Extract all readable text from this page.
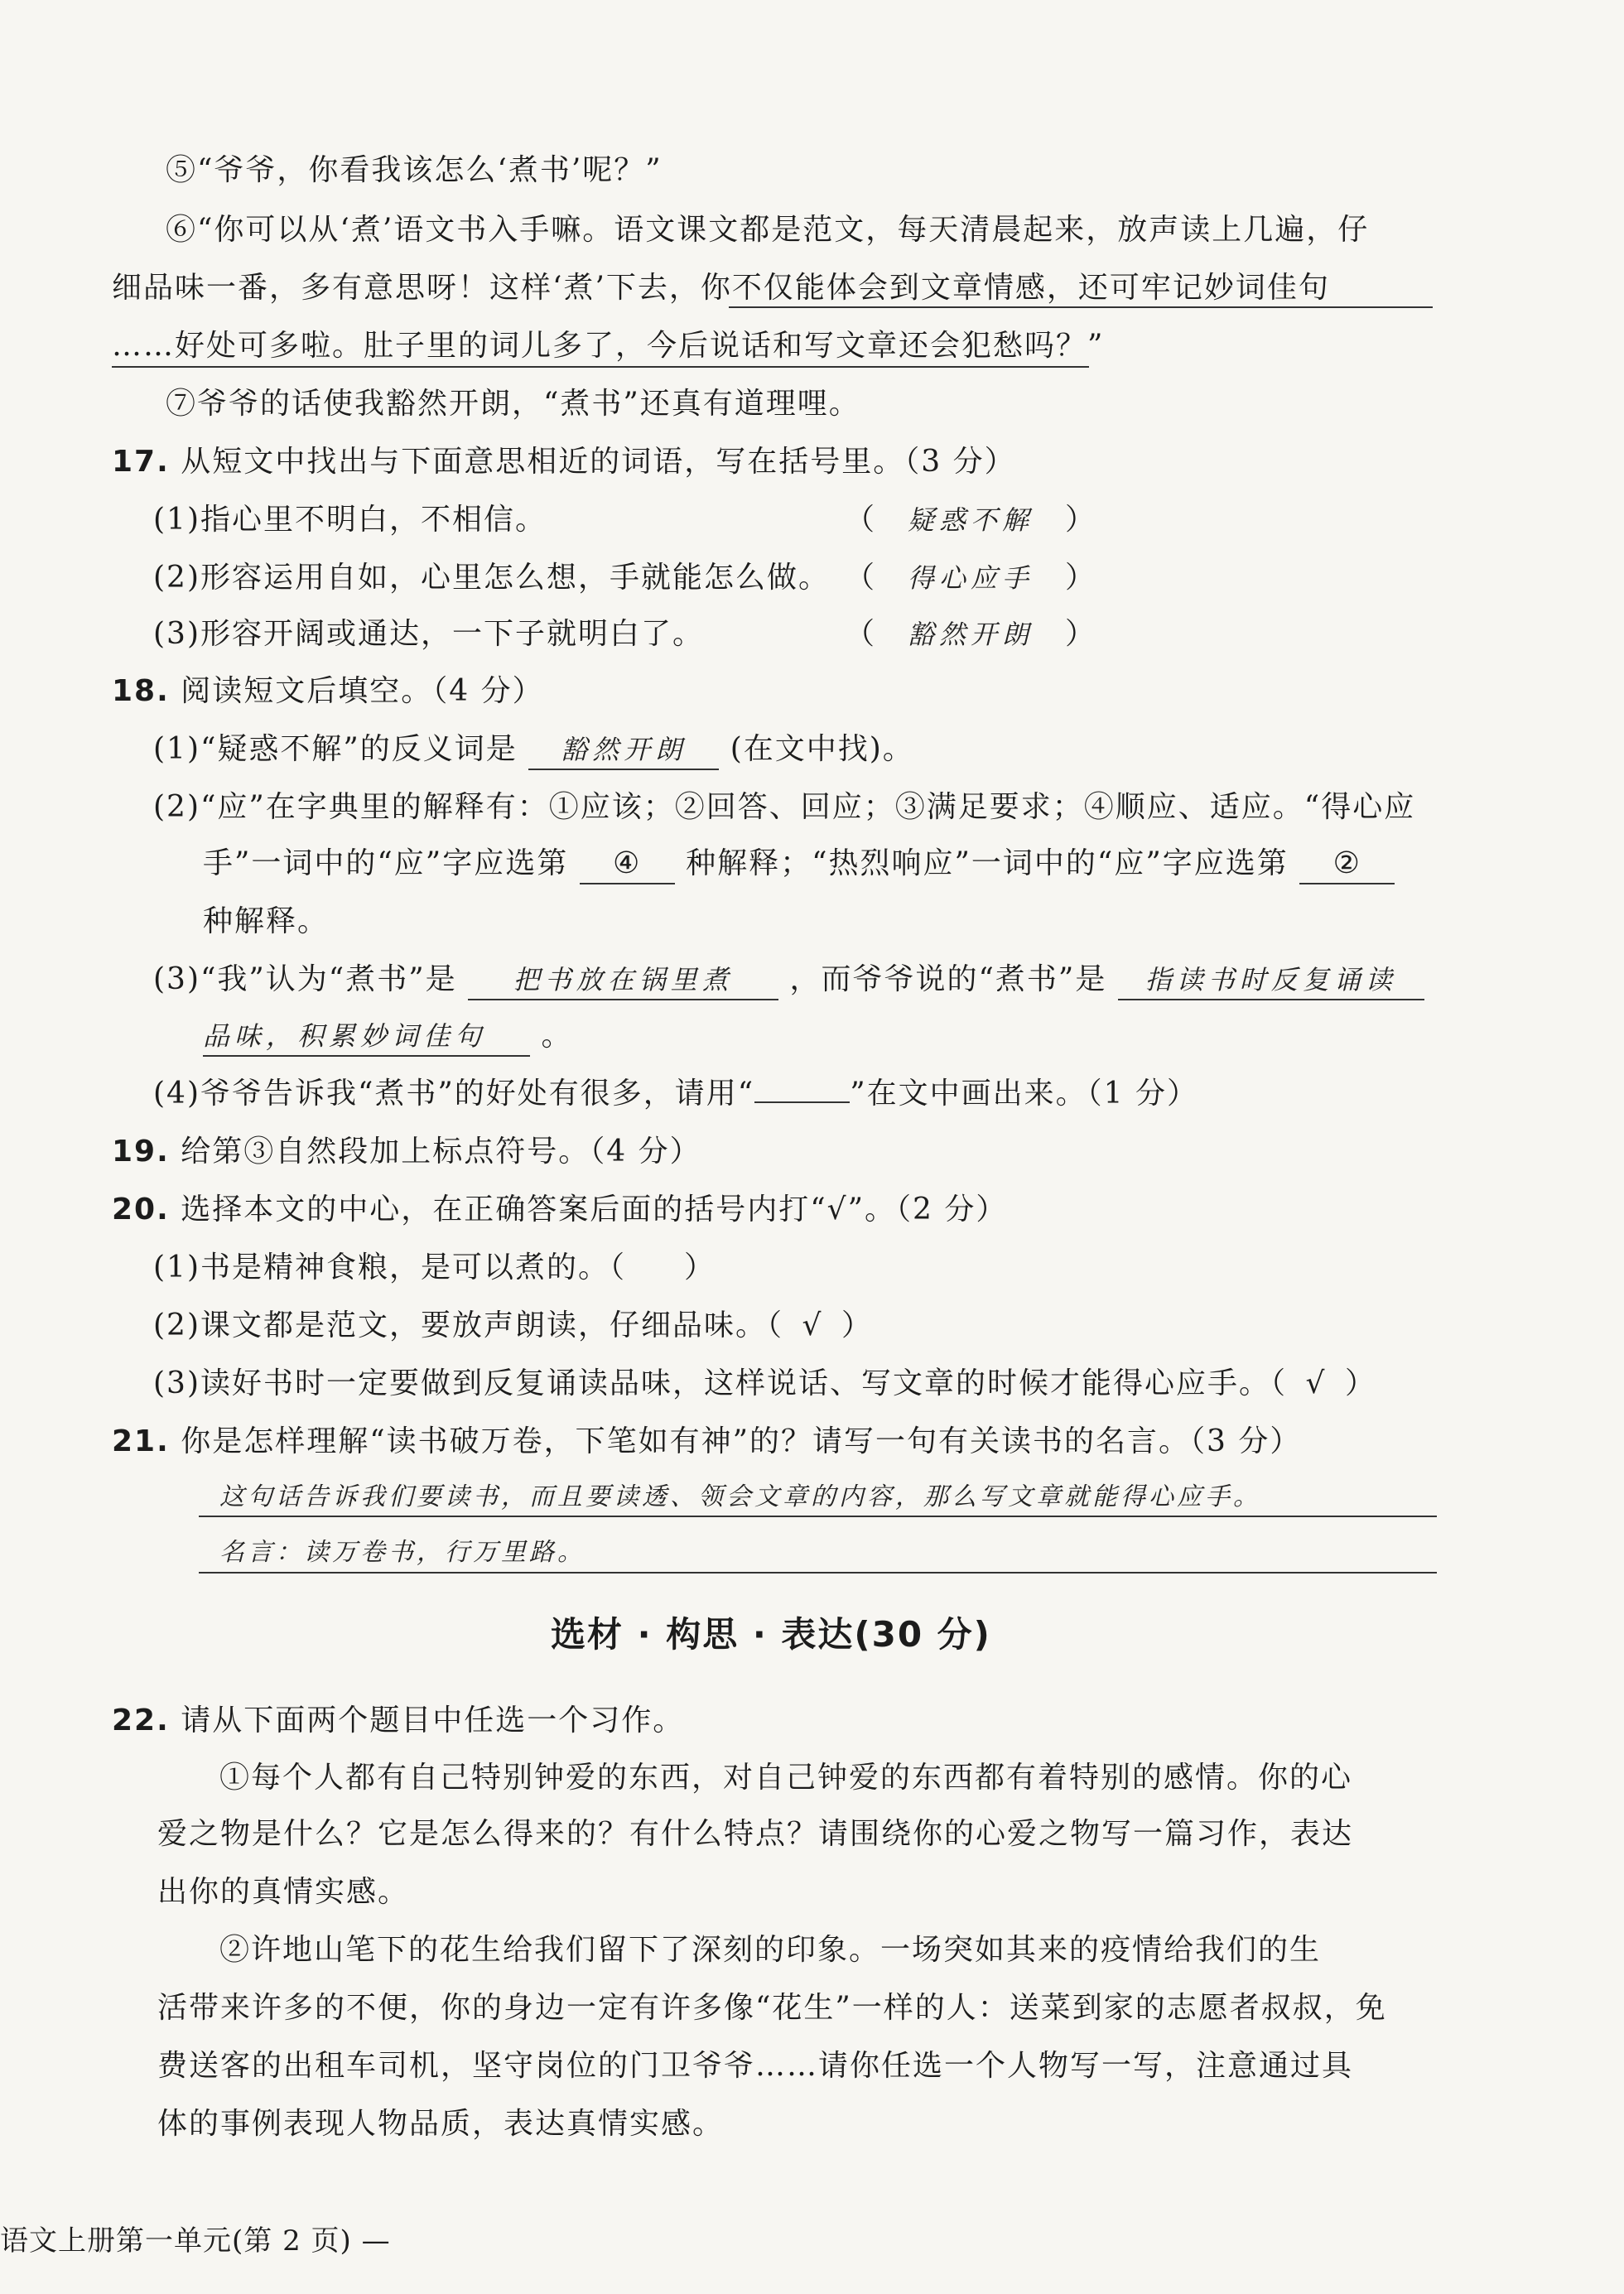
⑤“爷爷，你看我该怎么‘煮书’呢？”
⑥“你可以从‘煮’语文书入手嘛。语文课文都是范文，每天清晨起来，放声读上几遍，仔
细品味一番，多有意思呀！这样‘煮’下去，你不仅能体会到文章情感，还可牢记妙词佳句
……好处可多啦。肚子里的词儿多了，今后说话和写文章还会犯愁吗？”
⑦爷爷的话使我豁然开朗，“煮书”还真有道理哩。
17. 从短文中找出与下面意思相近的词语，写在括号里。（3 分）
(1)指心里不明白，不相信。	（　疑惑不解　）
(2)形容运用自如，心里怎么想，手就能怎么做。 （　得心应手　）
(3)形容开阔或通达，一下子就明白了。	（　豁然开朗　）
18. 阅读短文后填空。（4 分）
(1)“疑惑不解”的反义词是 豁然开朗 (在文中找)。
(2)“应”在字典里的解释有：①应该；②回答、回应；③满足要求；④顺应、适应。“得心应
手”一词中的“应”字应选第 ④ 种解释；“热烈响应”一词中的“应”字应选第 ②
种解释。
(3)“我”认为“煮书”是 把书放在锅里煮 ，而爷爷说的“煮书”是 指读书时反复诵读
品味，积累妙词佳句 。
(4)爷爷告诉我“煮书”的好处有很多，请用“	”在文中画出来。（1 分）
19. 给第③自然段加上标点符号。（4 分）
20. 选择本文的中心，在正确答案后面的括号内打“√”。（2 分）
(1)书是精神食粮，是可以煮的。（ ）
(2)课文都是范文，要放声朗读，仔细品味。（ √ ）
(3)读好书时一定要做到反复诵读品味，这样说话、写文章的时候才能得心应手。（ √ ）
21. 你是怎样理解“读书破万卷，下笔如有神”的？请写一句有关读书的名言。（3 分）
这句话告诉我们要读书，而且要读透、领会文章的内容，那么写文章就能得心应手。
名言：读万卷书，行万里路。
选材 · 构思 · 表达(30 分)
22. 请从下面两个题目中任选一个习作。
①每个人都有自己特别钟爱的东西，对自己钟爱的东西都有着特别的感情。你的心
爱之物是什么？它是怎么得来的？有什么特点？请围绕你的心爱之物写一篇习作，表达
出你的真情实感。
②许地山笔下的花生给我们留下了深刻的印象。一场突如其来的疫情给我们的生
活带来许多的不便，你的身边一定有许多像“花生”一样的人：送菜到家的志愿者叔叔，免
费送客的出租车司机，坚守岗位的门卫爷爷……请你任选一个人物写一写，注意通过具
体的事例表现人物品质，表达真情实感。
语文上册第一单元(第 2 页) —
